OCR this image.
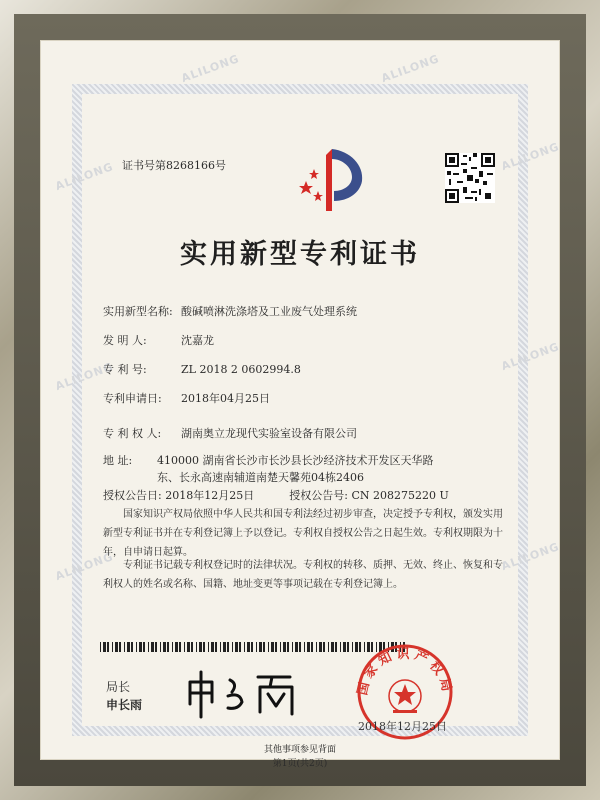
ALILONG
ALILONG
ALILONG
ALILONG
ALILONG
ALILONG
ALILONG	ALILONG
证书号第8268166号
实用新型专利证书
实用新型名称: 酸碱喷淋洗涤塔及工业废气处理系统
发 明 人:	沈嘉龙
专 利 号:	ZL 2018 2 0602994.8
专利申请日: 2018年04月25日
专 利 权 人: 湖南奥立龙现代实验室设备有限公司
地 址: 410000 湖南省长沙市长沙县长沙经济技术开发区天华路
东、长永高速南辅道南楚天馨苑04栋2406
授权公告日: 2018年12月25日	授权公告号: CN 208275220 U
国家知识产权局依照中华人民共和国专利法经过初步审查，决定授予专利权，颁发实用新型专利证书并在专利登记簿上予以登记。专利权自授权公告之日起生效。专利权期限为十年，自申请日起算。
专利证书记载专利权登记时的法律状况。专利权的转移、质押、无效、终止、恢复和专利权人的姓名或名称、国籍、地址变更等事项记载在专利登记簿上。
局长
申长雨
国家知识产权局
2018年12月25日
第1页(共2页)
其他事项参见背面
